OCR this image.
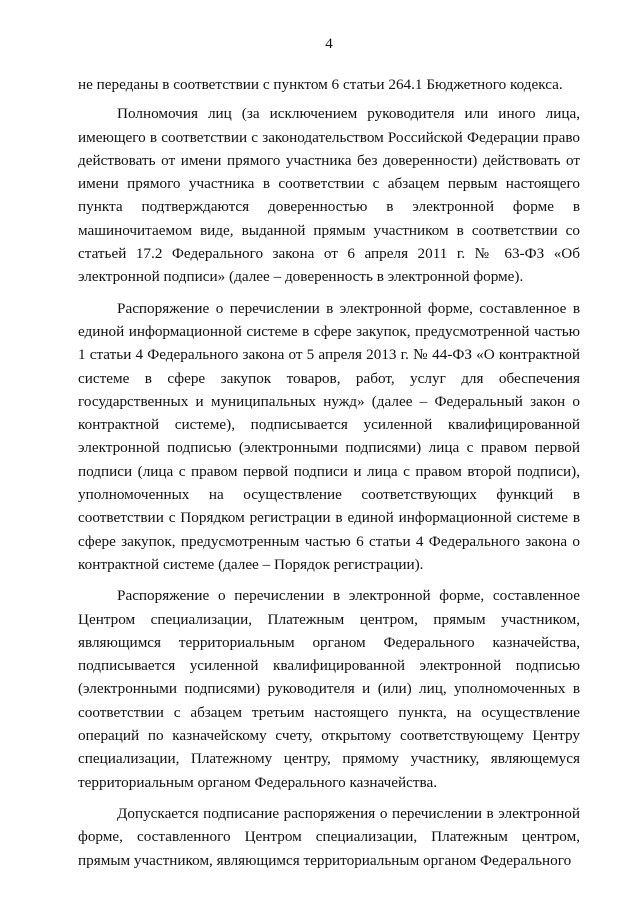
4

не переданы в соответствии с пунктом 6 статьи 264.1 Бюджетного кодекса.

Полномочия лиц (за исключением руководителя или иного лица, имеющего в соответствии с законодательством Российской Федерации право действовать от имени прямого участника без доверенности) действовать от имени прямого участника в соответствии с абзацем первым настоящего пункта подтверждаются доверенностью в электронной форме в машиночитаемом виде, выданной прямым участником в соответствии со статьей 17.2 Федерального закона от 6 апреля 2011 г. № 63-ФЗ «Об электронной подписи» (далее – доверенность в электронной форме).

Распоряжение о перечислении в электронной форме, составленное в единой информационной системе в сфере закупок, предусмотренной частью 1 статьи 4 Федерального закона от 5 апреля 2013 г. № 44-ФЗ «О контрактной системе в сфере закупок товаров, работ, услуг для обеспечения государственных и муниципальных нужд» (далее – Федеральный закон о контрактной системе), подписывается усиленной квалифицированной электронной подписью (электронными подписями) лица с правом первой подписи (лица с правом первой подписи и лица с правом второй подписи), уполномоченных на осуществление соответствующих функций в соответствии с Порядком регистрации в единой информационной системе в сфере закупок, предусмотренным частью 6 статьи 4 Федерального закона о контрактной системе (далее – Порядок регистрации).

Распоряжение о перечислении в электронной форме, составленное Центром специализации, Платежным центром, прямым участником, являющимся территориальным органом Федерального казначейства, подписывается усиленной квалифицированной электронной подписью (электронными подписями) руководителя и (или) лиц, уполномоченных в соответствии с абзацем третьим настоящего пункта, на осуществление операций по казначейскому счету, открытому соответствующему Центру специализации, Платежному центру, прямому участнику, являющемуся территориальным органом Федерального казначейства.

Допускается подписание распоряжения о перечислении в электронной форме, составленного Центром специализации, Платежным центром, прямым участником, являющимся территориальным органом Федерального
